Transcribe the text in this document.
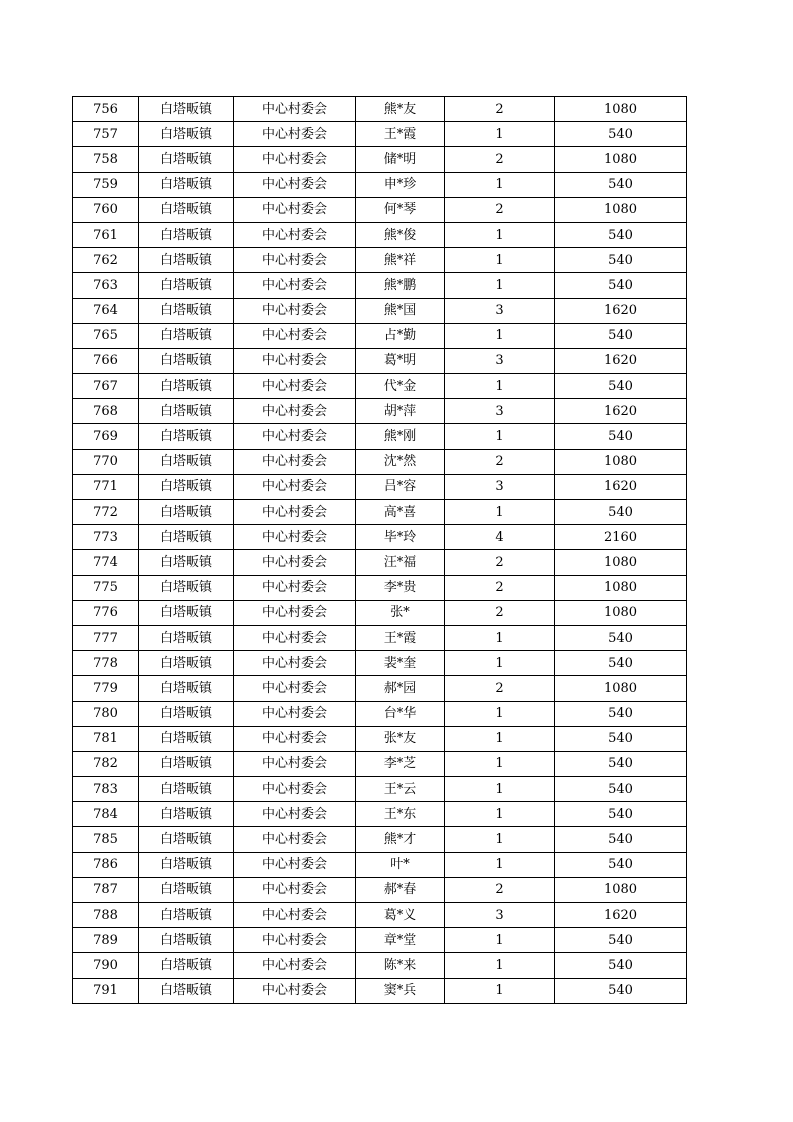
756	白塔畈镇	中心村委会	熊*友	2	1080
757	白塔畈镇	中心村委会	王*霞	1	540
758	白塔畈镇	中心村委会	储*明	2	1080
759	白塔畈镇	中心村委会	申*珍	1	540
760	白塔畈镇	中心村委会	何*琴	2	1080
761	白塔畈镇	中心村委会	熊*俊	1	540
762	白塔畈镇	中心村委会	熊*祥	1	540
763	白塔畈镇	中心村委会	熊*鹏	1	540
764	白塔畈镇	中心村委会	熊*国	3	1620
765	白塔畈镇	中心村委会	占*勤	1	540
766	白塔畈镇	中心村委会	葛*明	3	1620
767	白塔畈镇	中心村委会	代*金	1	540
768	白塔畈镇	中心村委会	胡*萍	3	1620
769	白塔畈镇	中心村委会	熊*刚	1	540
770	白塔畈镇	中心村委会	沈*然	2	1080
771	白塔畈镇	中心村委会	吕*容	3	1620
772	白塔畈镇	中心村委会	高*喜	1	540
773	白塔畈镇	中心村委会	毕*玲	4	2160
774	白塔畈镇	中心村委会	汪*福	2	1080
775	白塔畈镇	中心村委会	李*贵	2	1080
776	白塔畈镇	中心村委会	张*	2	1080
777	白塔畈镇	中心村委会	王*霞	1	540
778	白塔畈镇	中心村委会	裴*奎	1	540
779	白塔畈镇	中心村委会	郝*园	2	1080
780	白塔畈镇	中心村委会	台*华	1	540
781	白塔畈镇	中心村委会	张*友	1	540
782	白塔畈镇	中心村委会	李*芝	1	540
783	白塔畈镇	中心村委会	王*云	1	540
784	白塔畈镇	中心村委会	王*东	1	540
785	白塔畈镇	中心村委会	熊*才	1	540
786	白塔畈镇	中心村委会	叶*	1	540
787	白塔畈镇	中心村委会	郝*春	2	1080
788	白塔畈镇	中心村委会	葛*义	3	1620
789	白塔畈镇	中心村委会	章*堂	1	540
790	白塔畈镇	中心村委会	陈*来	1	540
791	白塔畈镇	中心村委会	窦*兵	1	540
